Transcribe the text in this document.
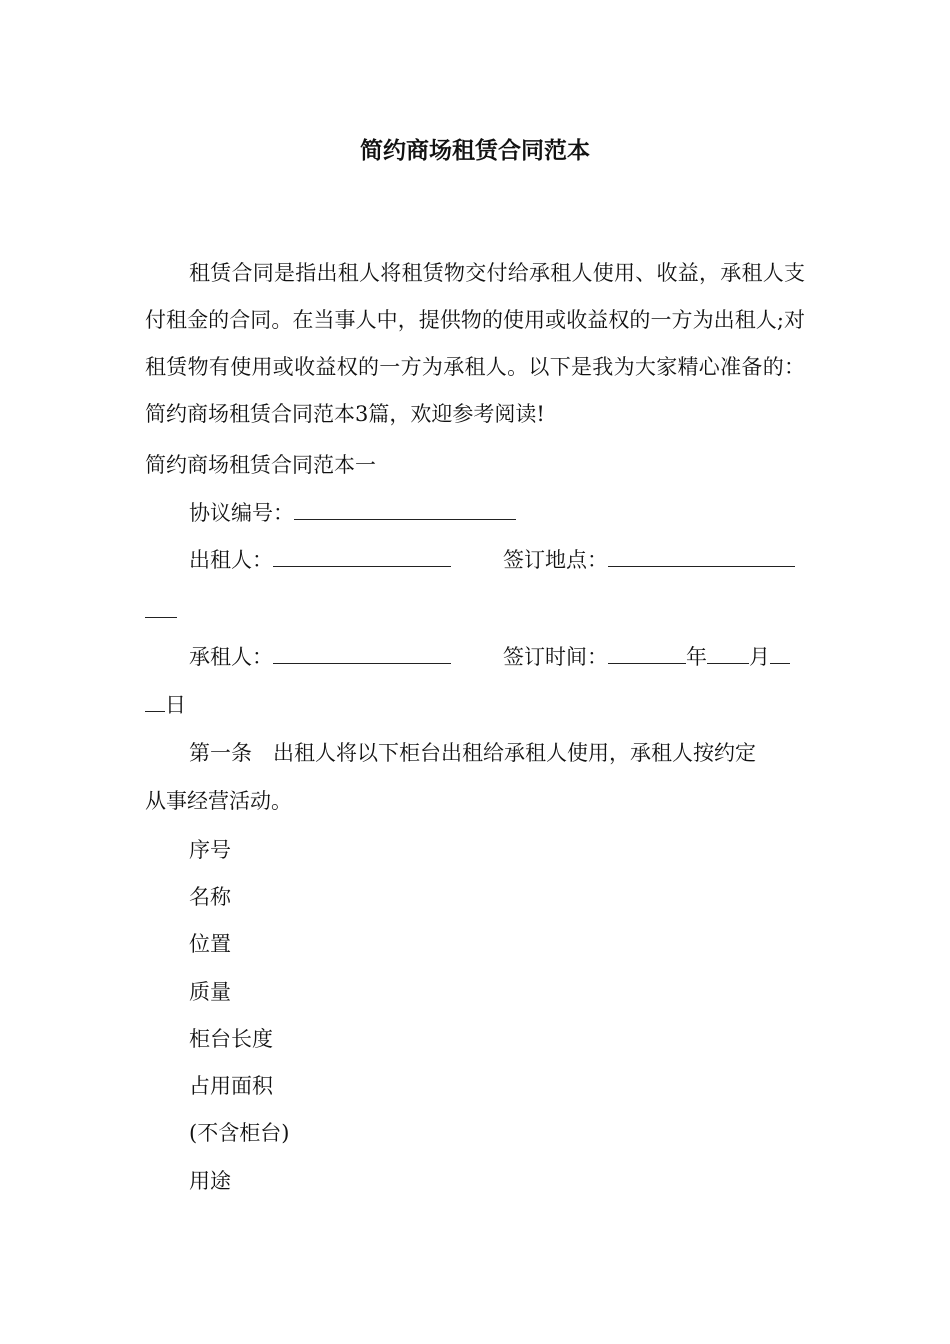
简约商场租赁合同范本

租赁合同是指出租人将租赁物交付给承租人使用、收益，承租人支付租金的合同。在当事人中，提供物的使用或收益权的一方为出租人;对租赁物有使用或收益权的一方为承租人。以下是我为大家精心准备的：简约商场租赁合同范本3篇，欢迎参考阅读!

简约商场租赁合同范本一
协议编号：
出租人：	签订地点：
承租人：	签订时间：	年 月
日
第一条　出租人将以下柜台出租给承租人使用，承租人按约定
从事经营活动。
序号
名称
位置
质量
柜台长度
占用面积
(不含柜台)
用途
